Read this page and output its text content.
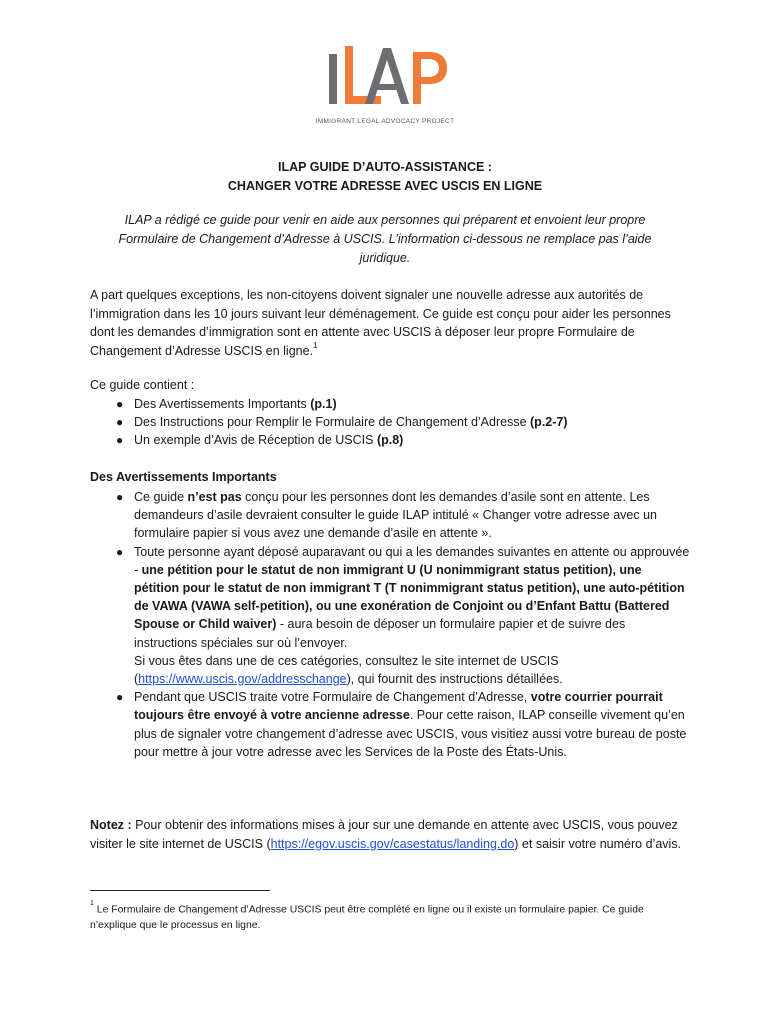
IMMIGRANT LEGAL ADVOCACY PROJECT
ILAP GUIDE D’AUTO-ASSISTANCE :
CHANGER VOTRE ADRESSE AVEC USCIS EN LIGNE
ILAP a rédigé ce guide pour venir en aide aux personnes qui préparent et envoient leur propre Formulaire de Changement d’Adresse à USCIS. L’information ci-dessous ne remplace pas l’aide juridique.
A part quelques exceptions, les non-citoyens doivent signaler une nouvelle adresse aux autorités de l’immigration dans les 10 jours suivant leur déménagement. Ce guide est conçu pour aider les personnes dont les demandes d’immigration sont en attente avec USCIS à déposer leur propre Formulaire de Changement d’Adresse USCIS en ligne.$^1$
Ce guide contient :
● Des Avertissements Importants (p.1)
● Des Instructions pour Remplir le Formulaire de Changement d’Adresse (p.2-7)
● Un exemple d’Avis de Réception de USCIS (p.8)
Des Avertissements Importants
● Ce guide n’est pas conçu pour les personnes dont les demandes d’asile sont en attente. Les demandeurs d’asile devraient consulter le guide ILAP intitulé « Changer votre adresse avec un formulaire papier si vous avez une demande d’asile en attente ».
● Toute personne ayant déposé auparavant ou qui a les demandes suivantes en attente ou approuvée - une pétition pour le statut de non immigrant U (U nonimmigrant status petition), une pétition pour le statut de non immigrant T (T nonimmigrant status petition), une auto-pétition de VAWA (VAWA self-petition), ou une exonération de Conjoint ou d’Enfant Battu (Battered Spouse or Child waiver) - aura besoin de déposer un formulaire papier et de suivre des instructions spéciales sur où l’envoyer.
Si vous êtes dans une de ces catégories, consultez le site internet de USCIS
(https://www.uscis.gov/addresschange), qui fournit des instructions détaillées.
● Pendant que USCIS traite votre Formulaire de Changement d’Adresse, votre courrier pourrait toujours être envoyé à votre ancienne adresse. Pour cette raison, ILAP conseille vivement qu’en plus de signaler votre changement d’adresse avec USCIS, vous visitiez aussi votre bureau de poste pour mettre à jour votre adresse avec les Services de la Poste des États-Unis.
Notez : Pour obtenir des informations mises à jour sur une demande en attente avec USCIS, vous pouvez visiter le site internet de USCIS (https://egov.uscis.gov/casestatus/landing.do) et saisir votre numéro d’avis.
$^1$ Le Formulaire de Changement d’Adresse USCIS peut être complété en ligne ou il existe un formulaire papier. Ce guide n’explique que le processus en ligne.
